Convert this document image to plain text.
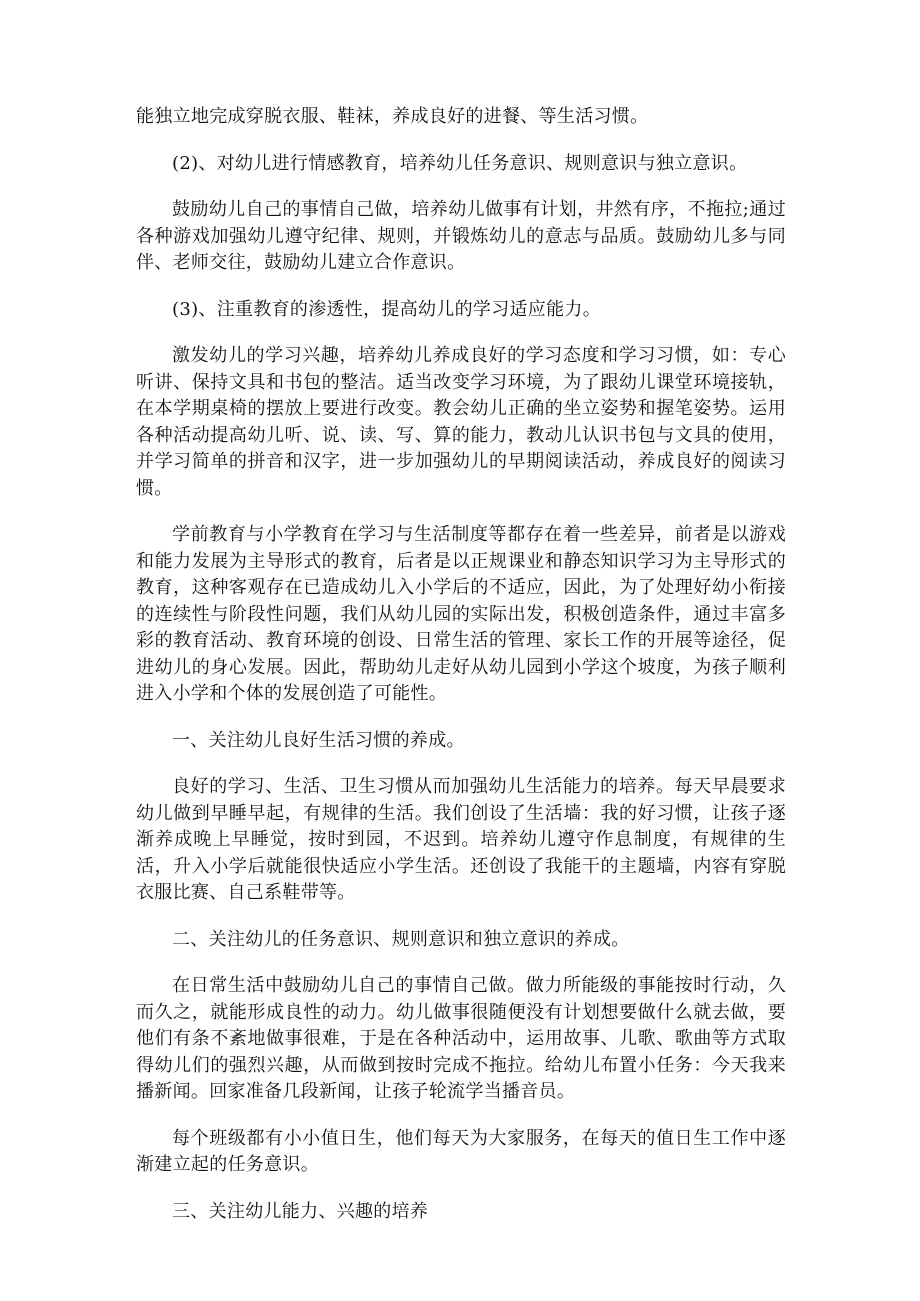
能独立地完成穿脱衣服、鞋袜，养成良好的进餐、等生活习惯。

(2)、对幼儿进行情感教育，培养幼儿任务意识、规则意识与独立意识。

鼓励幼儿自己的事情自己做，培养幼儿做事有计划，井然有序，不拖拉;通过各种游戏加强幼儿遵守纪律、规则，并锻炼幼儿的意志与品质。鼓励幼儿多与同伴、老师交往，鼓励幼儿建立合作意识。

(3)、注重教育的渗透性，提高幼儿的学习适应能力。

激发幼儿的学习兴趣，培养幼儿养成良好的学习态度和学习习惯，如：专心听讲、保持文具和书包的整洁。适当改变学习环境，为了跟幼儿课堂环境接轨，在本学期桌椅的摆放上要进行改变。教会幼儿正确的坐立姿势和握笔姿势。运用各种活动提高幼儿听、说、读、写、算的能力，教动儿认识书包与文具的使用，并学习简单的拼音和汉字，进一步加强幼儿的早期阅读活动，养成良好的阅读习惯。

学前教育与小学教育在学习与生活制度等都存在着一些差异，前者是以游戏和能力发展为主导形式的教育，后者是以正规课业和静态知识学习为主导形式的教育，这种客观存在已造成幼儿入小学后的不适应，因此，为了处理好幼小衔接的连续性与阶段性问题，我们从幼儿园的实际出发，积极创造条件，通过丰富多彩的教育活动、教育环境的创设、日常生活的管理、家长工作的开展等途径，促进幼儿的身心发展。因此，帮助幼儿走好从幼儿园到小学这个坡度，为孩子顺利进入小学和个体的发展创造了可能性。

一、关注幼儿良好生活习惯的养成。

良好的学习、生活、卫生习惯从而加强幼儿生活能力的培养。每天早晨要求幼儿做到早睡早起，有规律的生活。我们创设了生活墙：我的好习惯，让孩子逐渐养成晚上早睡觉，按时到园，不迟到。培养幼儿遵守作息制度，有规律的生活，升入小学后就能很快适应小学生活。还创设了我能干的主题墙，内容有穿脱衣服比赛、自己系鞋带等。

二、关注幼儿的任务意识、规则意识和独立意识的养成。

在日常生活中鼓励幼儿自己的事情自己做。做力所能级的事能按时行动，久而久之，就能形成良性的动力。幼儿做事很随便没有计划想要做什么就去做，要他们有条不紊地做事很难，于是在各种活动中，运用故事、儿歌、歌曲等方式取得幼儿们的强烈兴趣，从而做到按时完成不拖拉。给幼儿布置小任务：今天我来播新闻。回家准备几段新闻，让孩子轮流学当播音员。

每个班级都有小小值日生，他们每天为大家服务，在每天的值日生工作中逐渐建立起的任务意识。

三、关注幼儿能力、兴趣的培养
